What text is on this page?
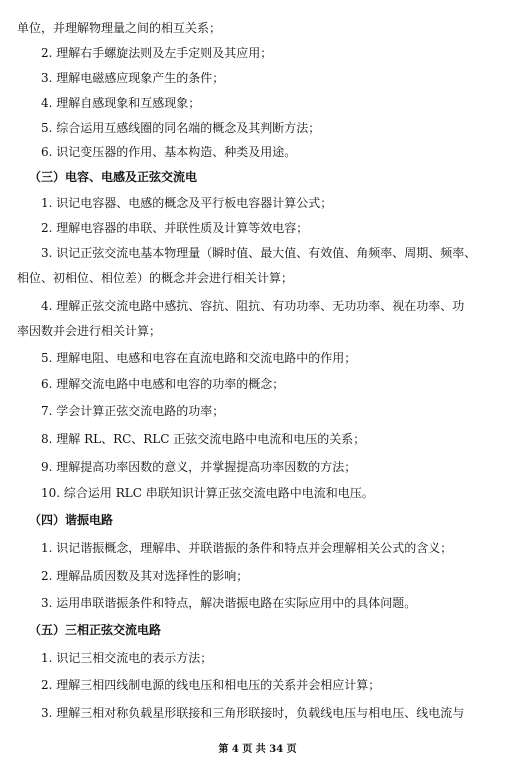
单位，并理解物理量之间的相互关系；
2. 理解右手螺旋法则及左手定则及其应用；
3. 理解电磁感应现象产生的条件；
4. 理解自感现象和互感现象；
5. 综合运用互感线圈的同名端的概念及其判断方法；
6. 识记变压器的作用、基本构造、种类及用途。
（三）电容、电感及正弦交流电
1. 识记电容器、电感的概念及平行板电容器计算公式；
2. 理解电容器的串联、并联性质及计算等效电容；
3. 识记正弦交流电基本物理量（瞬时值、最大值、有效值、角频率、周期、频率、
相位、初相位、相位差）的概念并会进行相关计算；
4. 理解正弦交流电路中感抗、容抗、阻抗、有功功率、无功功率、视在功率、功
率因数并会进行相关计算；
5. 理解电阻、电感和电容在直流电路和交流电路中的作用；
6. 理解交流电路中电感和电容的功率的概念；
7. 学会计算正弦交流电路的功率；
8. 理解 RL、RC、RLC 正弦交流电路中电流和电压的关系；
9. 理解提高功率因数的意义，并掌握提高功率因数的方法；
10. 综合运用 RLC 串联知识计算正弦交流电路中电流和电压。
（四）谐振电路
1. 识记谐振概念，理解串、并联谐振的条件和特点并会理解相关公式的含义；
2. 理解品质因数及其对选择性的影响；
3. 运用串联谐振条件和特点，解决谐振电路在实际应用中的具体问题。
（五）三相正弦交流电路
1. 识记三相交流电的表示方法；
2. 理解三相四线制电源的线电压和相电压的关系并会相应计算；
3. 理解三相对称负载星形联接和三角形联接时，负载线电压与相电压、线电流与
第 4 页 共 34 页
